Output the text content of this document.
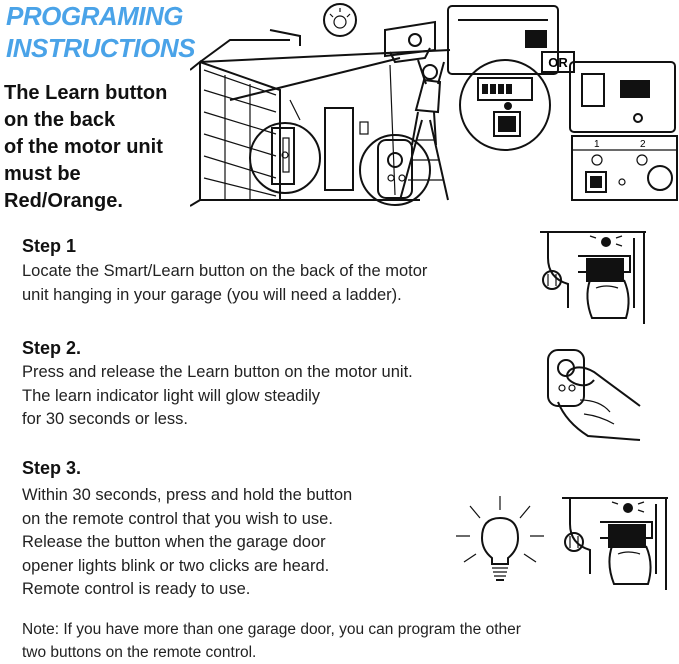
PROGRAMING
INSTRUCTIONS
The Learn button
on the back
of the motor unit
must be
Red/Orange.
OR
1	2
Step 1
Locate the Smart/Learn button on the back of the motor
unit hanging in your garage (you will need a ladder).
Step 2.
Press and release the Learn button on the motor unit.
The learn indicator light will glow steadily
for 30 seconds or less.
Step 3.
Within 30 seconds, press and hold the button
on the remote control that you wish to use.
Release the button when the garage door
opener lights blink or two clicks are heard.
Remote control is ready to use.
Note: If you have more than one garage door, you can program the other
two buttons on the remote control.
